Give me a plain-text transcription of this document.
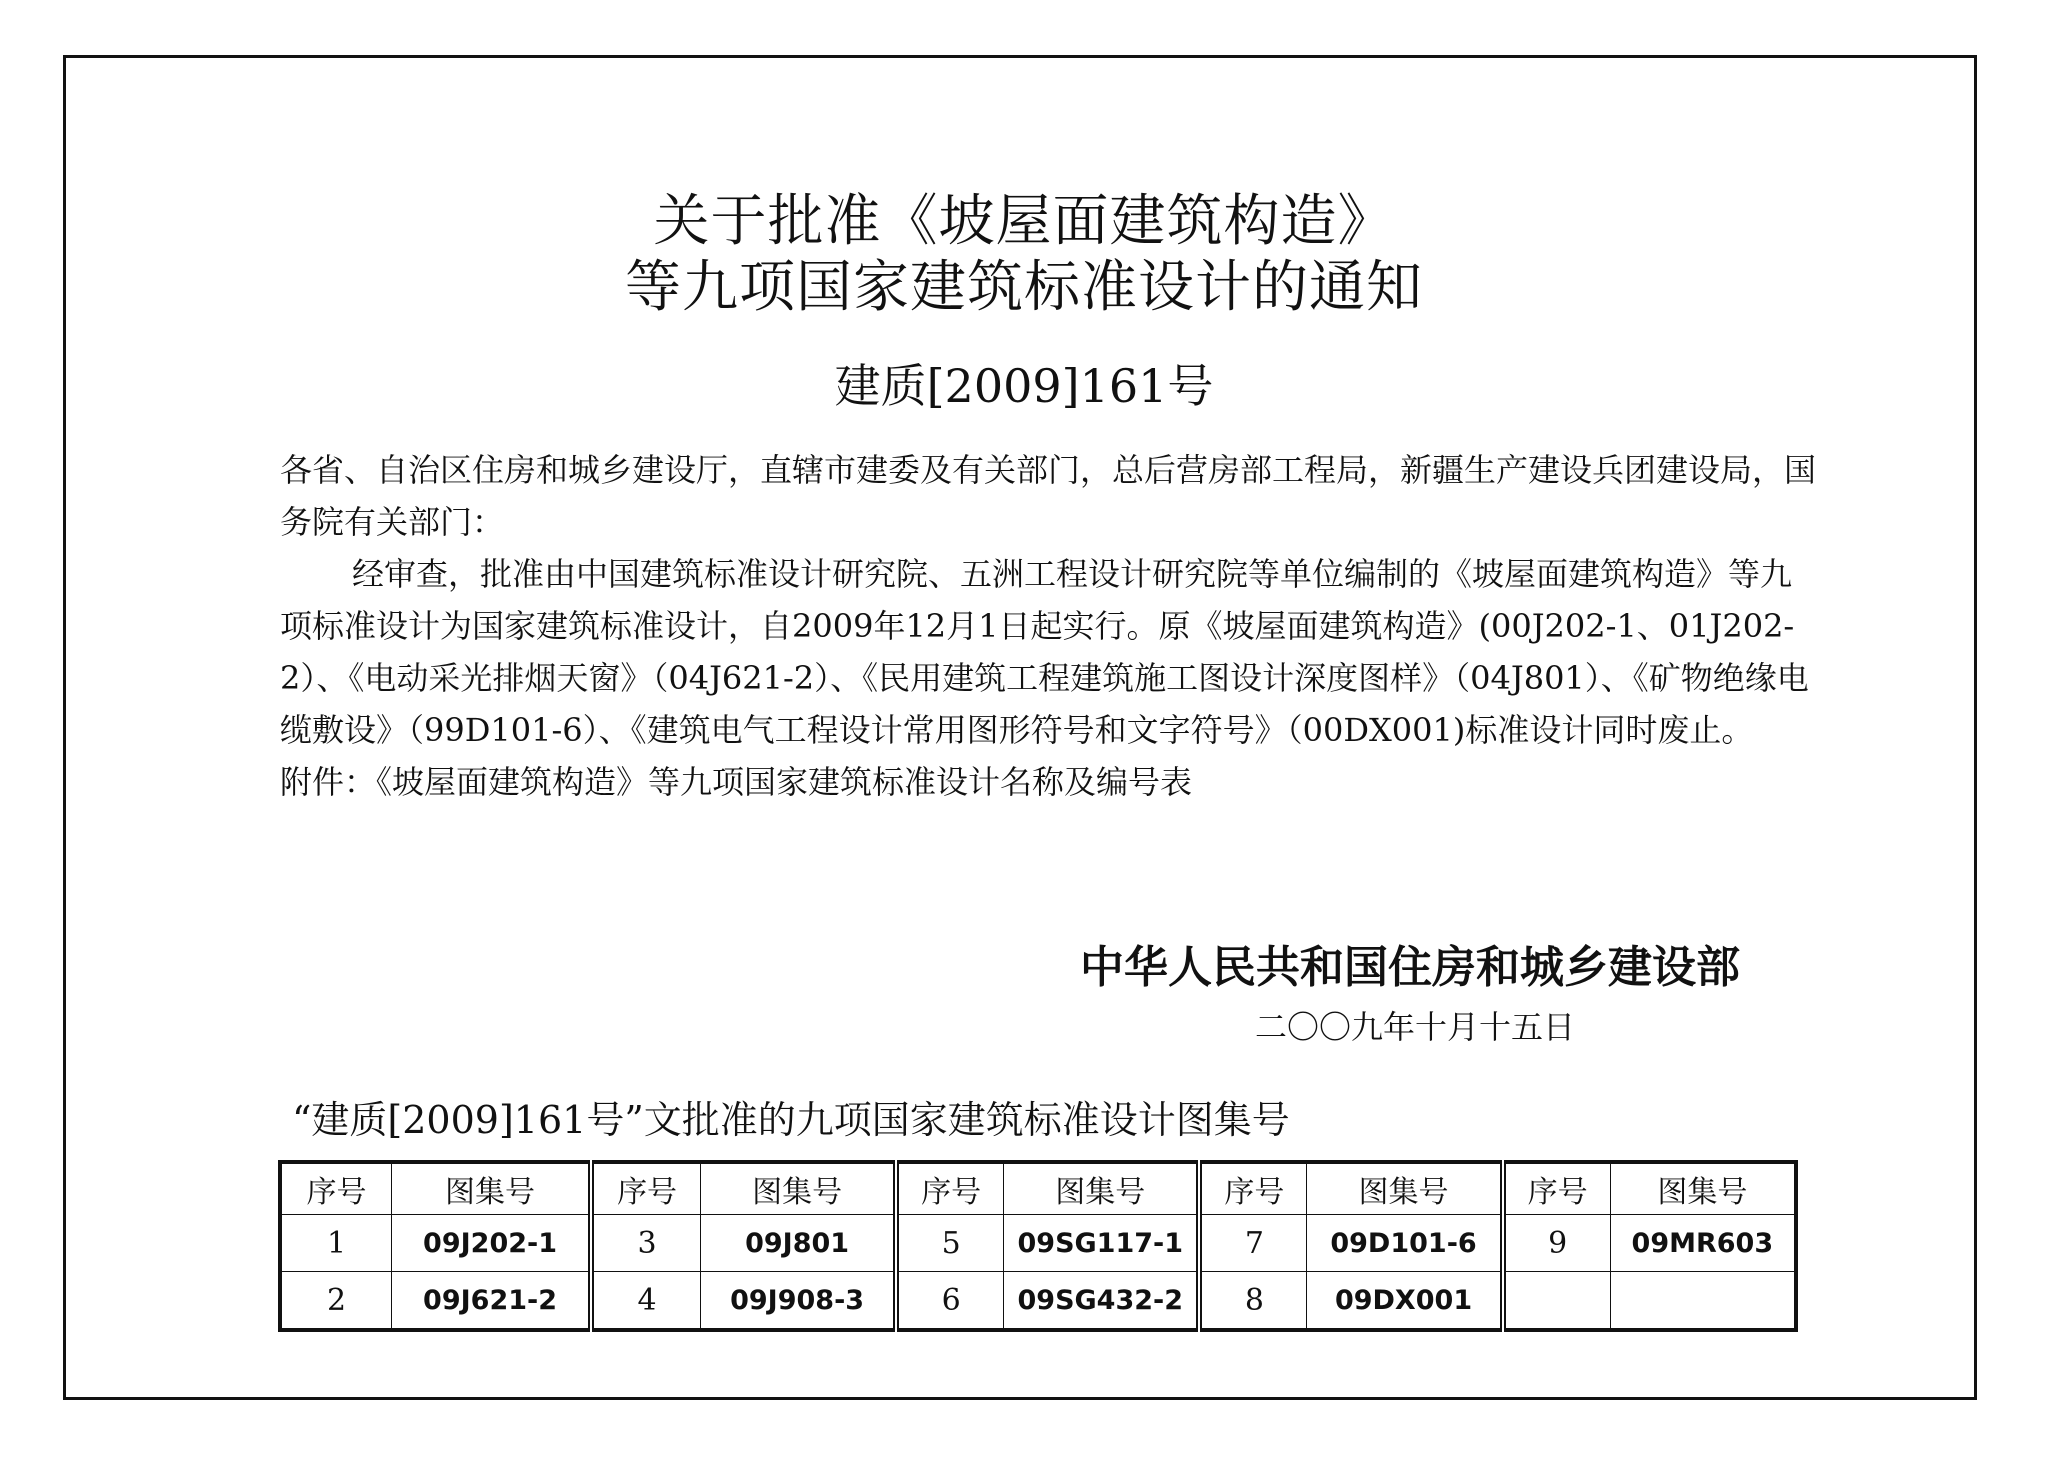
关于批准《坡屋面建筑构造》
等九项国家建筑标准设计的通知
建质[2009]161号

各省、自治区住房和城乡建设厅，直辖市建委及有关部门，总后营房部工程局，新疆生产建设兵团建设局，国务院有关部门：

经审查，批准由中国建筑标准设计研究院、五洲工程设计研究院等单位编制的《坡屋面建筑构造》等九项标准设计为国家建筑标准设计，自2009年12月1日起实行。原《坡屋面建筑构造》(00J202-1、01J202-2）、《电动采光排烟天窗》（04J621-2）、《民用建筑工程建筑施工图设计深度图样》（04J801）、《矿物绝缘电缆敷设》（99D101-6）、《建筑电气工程设计常用图形符号和文字符号》（00DX001)标准设计同时废止。

附件：《坡屋面建筑构造》等九项国家建筑标准设计名称及编号表

中华人民共和国住房和城乡建设部
二〇〇九年十月十五日
“建质[2009]161号”文批准的九项国家建筑标准设计图集号
序号	图集号	序号	图集号	序号	图集号	序号	图集号	序号	图集号
1	09J202-1	3	09J801	5	09SG117-1	7	09D101-6	9	09MR603
2	09J621-2	4	09J908-3	6	09SG432-2	8	09DX001		
